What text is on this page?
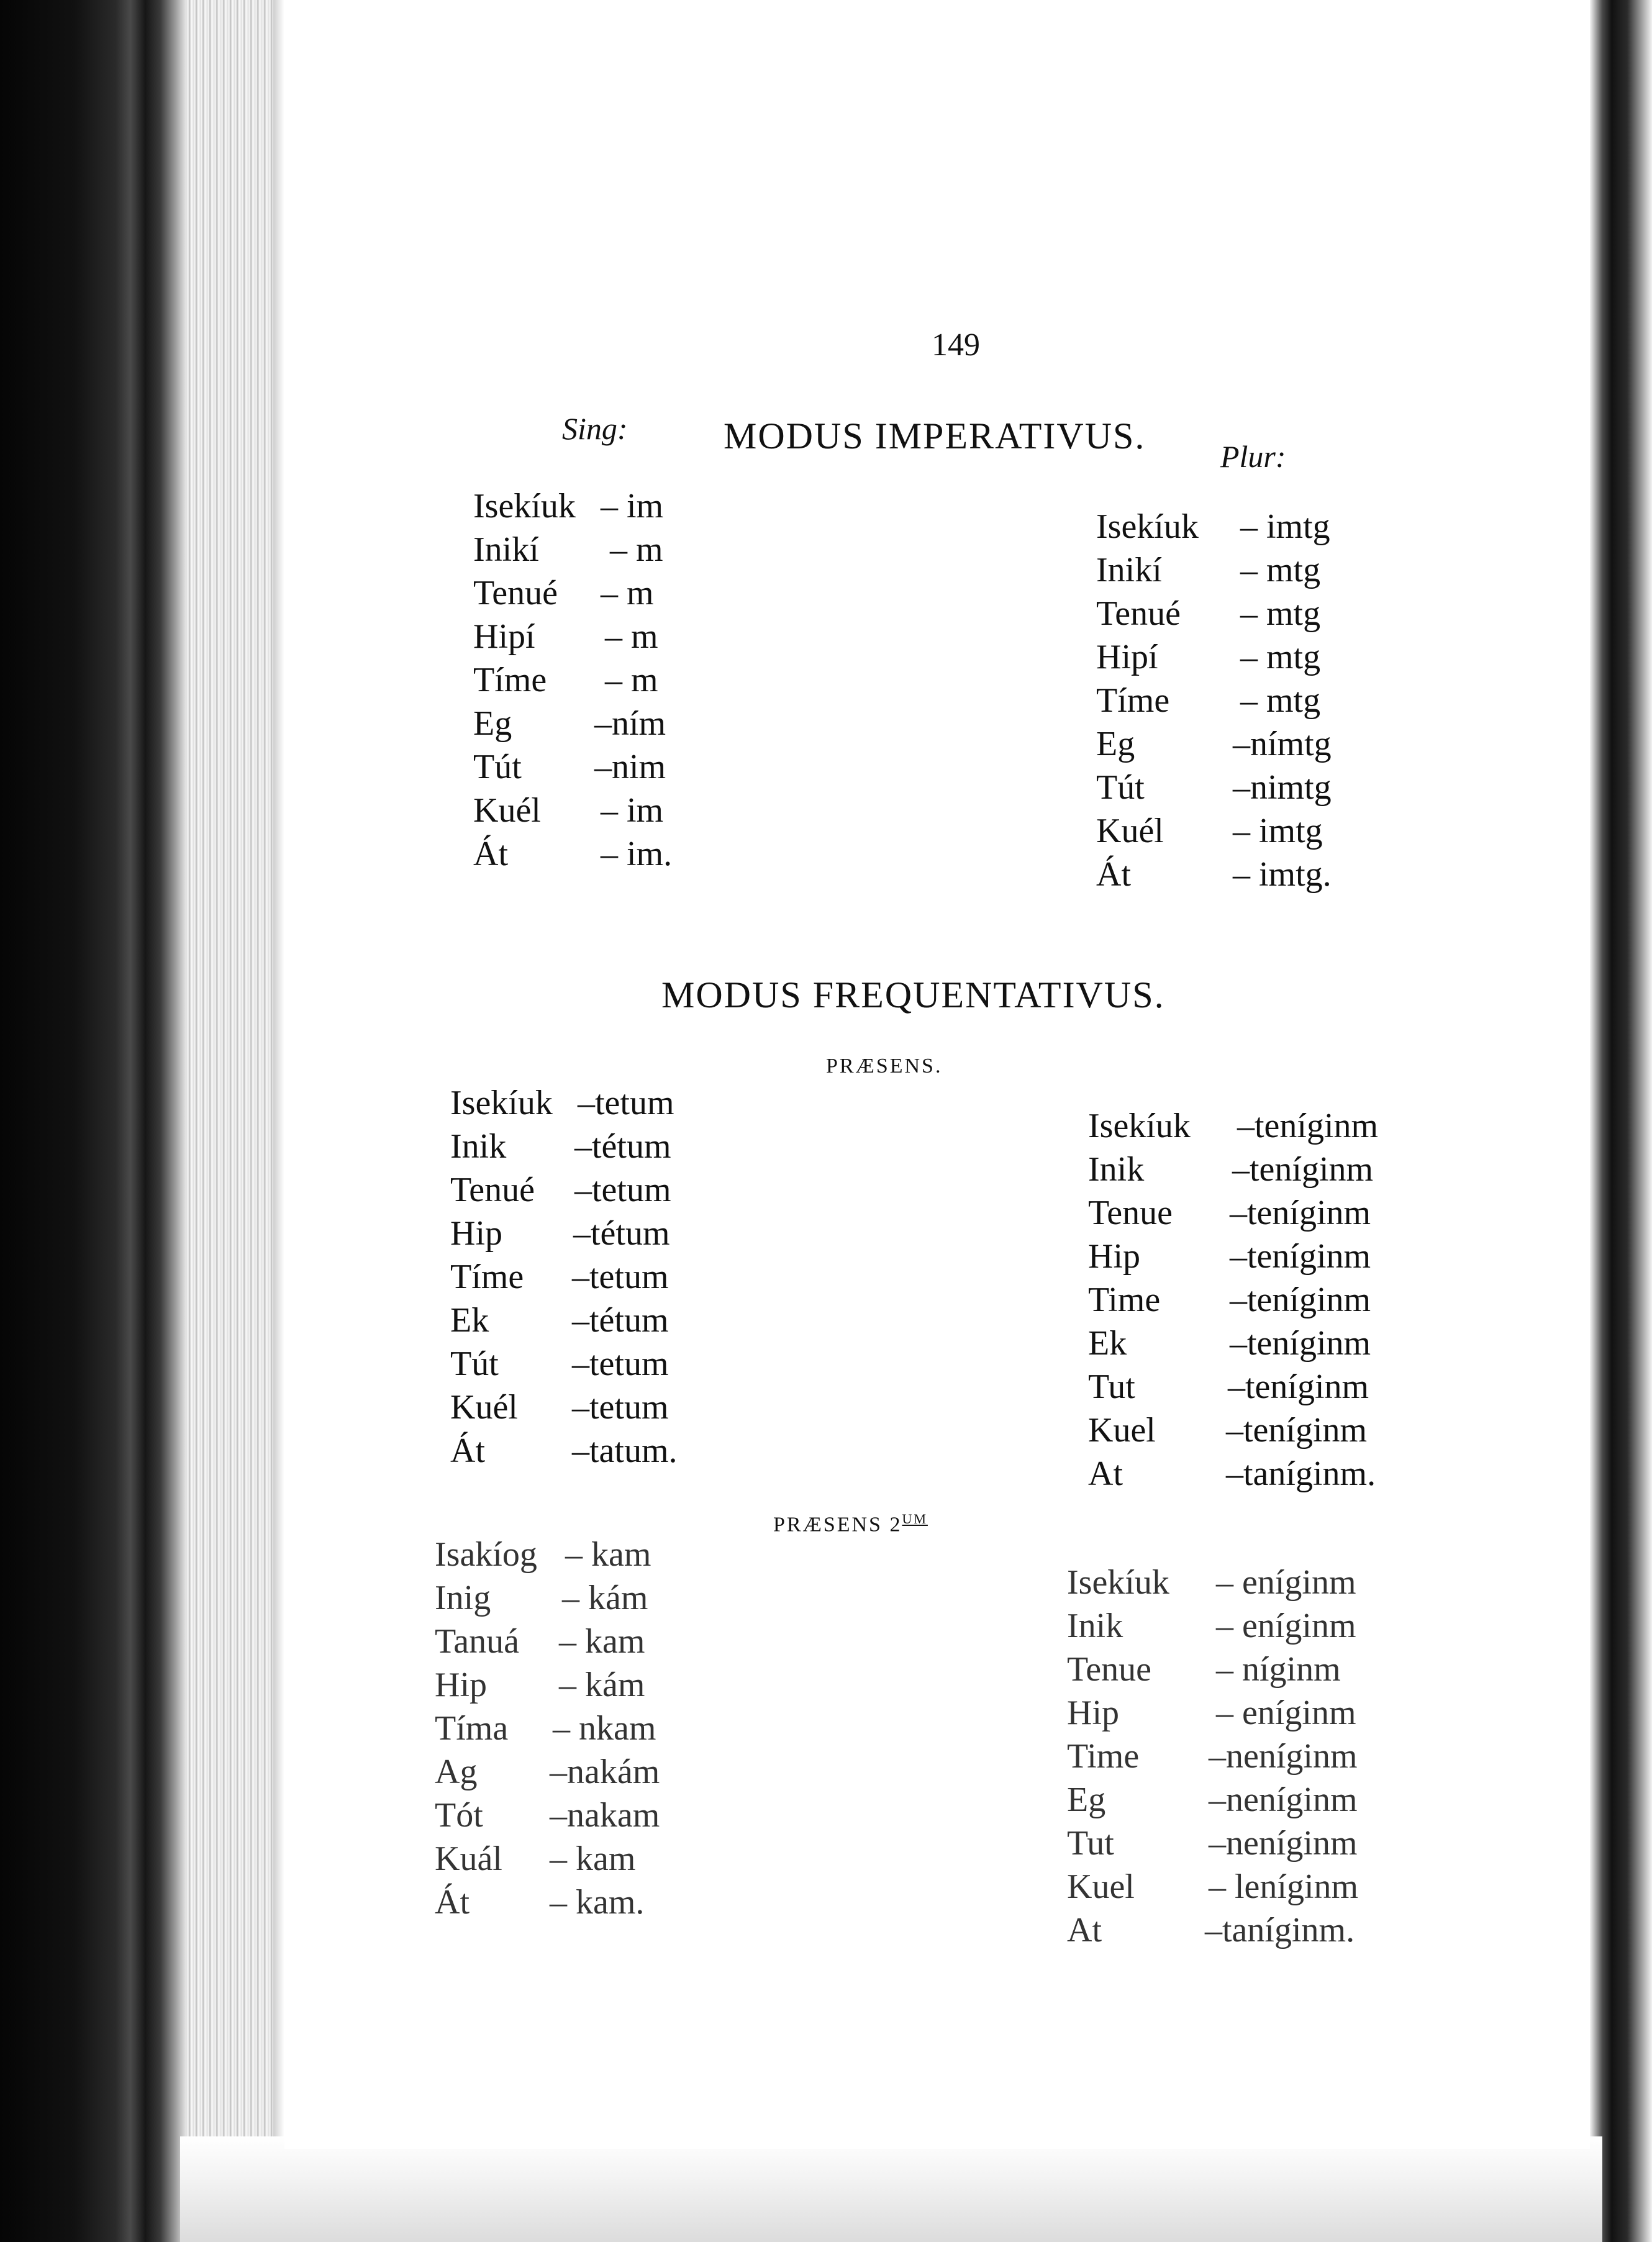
149
Sing:	MODUS IMPERATIVUS. Plur:
Isekíuk – im
Inikí – m
Tenué – m
Hipí – m
Tíme – m
Eg –ním
Tút –nim
Kuél – im
Át	– im.
Isekíuk – imtg
Inikí – mtg
Tenué – mtg
Hipí – mtg
Tíme – mtg
Eg	–nímtg
Tút	–nimtg
Kuél – imtg
Át	– imtg.
MODUS FREQUENTATIVUS.
PRÆSENS.
Isekíuk –tetum
Inik –tétum
Tenué –tetum
Hip –tétum
Tíme –tetum
Ek –tétum
Tút –tetum
Kuél –tetum
Át	–tatum.
Isekíuk –teníginm
Inik	–teníginm
Tenue –teníginm
Hip	–teníginm
Time –teníginm
Ek	–teníginm
Tut	–teníginm
Kuel –teníginm
At	–taníginm.
PRÆSENS $2^{UM}$
Isakíog – kam
Inig – kám
Tanuá – kam
Hip – kám
Tíma – nkam
Ag –nakám
Tót –nakam
Kuál – kam
Át – kam.
Isekíuk – eníginm
Inik	– eníginm
Tenue – níginm
Hip	– eníginm
Time –neníginm
Eg	–neníginm
Tut	–neníginm
Kuel – leníginm
At	–taníginm.
